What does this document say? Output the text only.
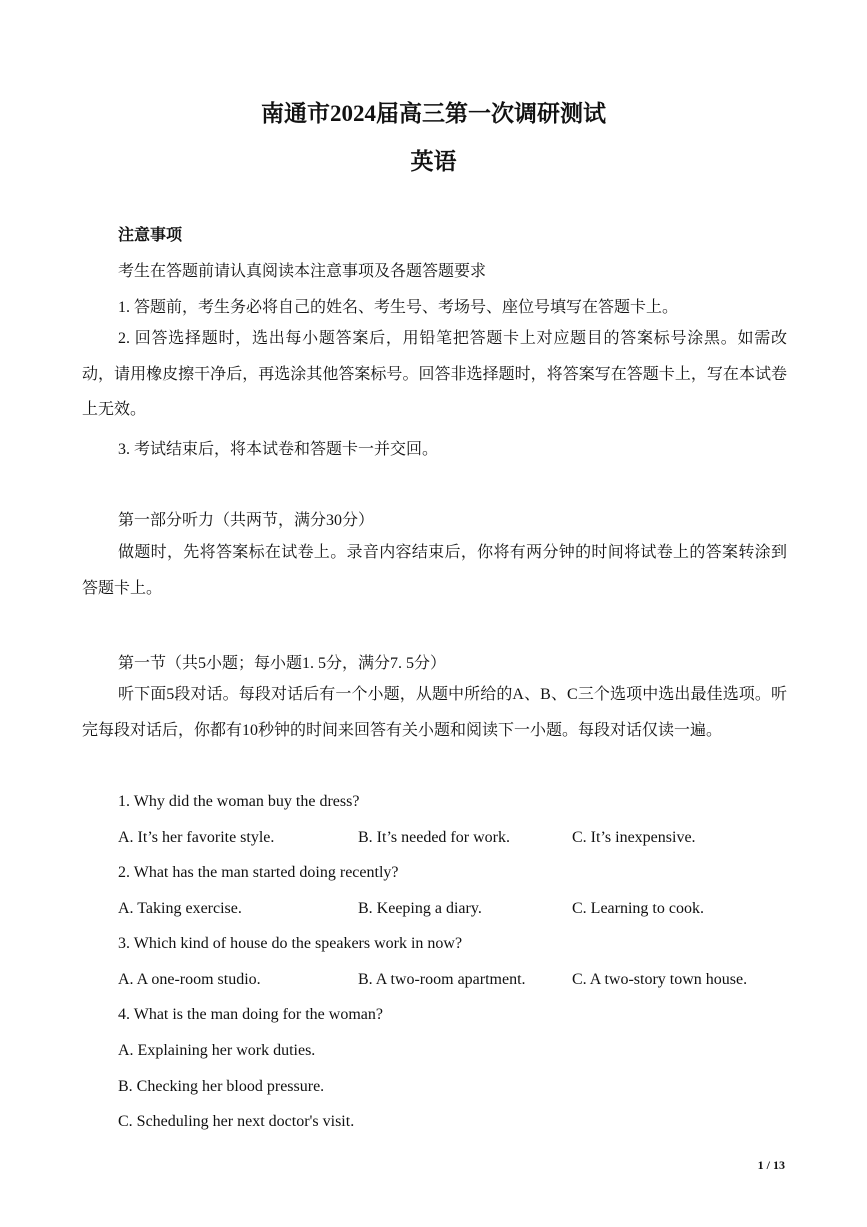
南通市2024届高三第一次调研测试
英语
注意事项
考生在答题前请认真阅读本注意事项及各题答题要求
1. 答题前，考生务必将自己的姓名、考生号、考场号、座位号填写在答题卡上。
2. 回答选择题时，选出每小题答案后，用铅笔把答题卡上对应题目的答案标号涂黑。如需改动，请用橡皮擦干净后，再选涂其他答案标号。回答非选择题时，将答案写在答题卡上，写在本试卷上无效。
3. 考试结束后，将本试卷和答题卡一并交回。
第一部分听力（共两节，满分30分）
做题时，先将答案标在试卷上。录音内容结束后，你将有两分钟的时间将试卷上的答案转涂到答题卡上。
第一节（共5小题；每小题1. 5分，满分7. 5分）
听下面5段对话。每段对话后有一个小题，从题中所给的A、B、C三个选项中选出最佳选项。听完每段对话后，你都有10秒钟的时间来回答有关小题和阅读下一小题。每段对话仅读一遍。
1. Why did the woman buy the dress?
A. It’s her favorite style.	B. It’s needed for work.	C. It’s inexpensive.
2. What has the man started doing recently?
A. Taking exercise.	B. Keeping a diary.	C. Learning to cook.
3. Which kind of house do the speakers work in now?
A. A one-room studio.	B. A two-room apartment.	C. A two-story town house.
4. What is the man doing for the woman?
A. Explaining her work duties.
B. Checking her blood pressure.
C. Scheduling her next doctor's visit.
1 / 13
